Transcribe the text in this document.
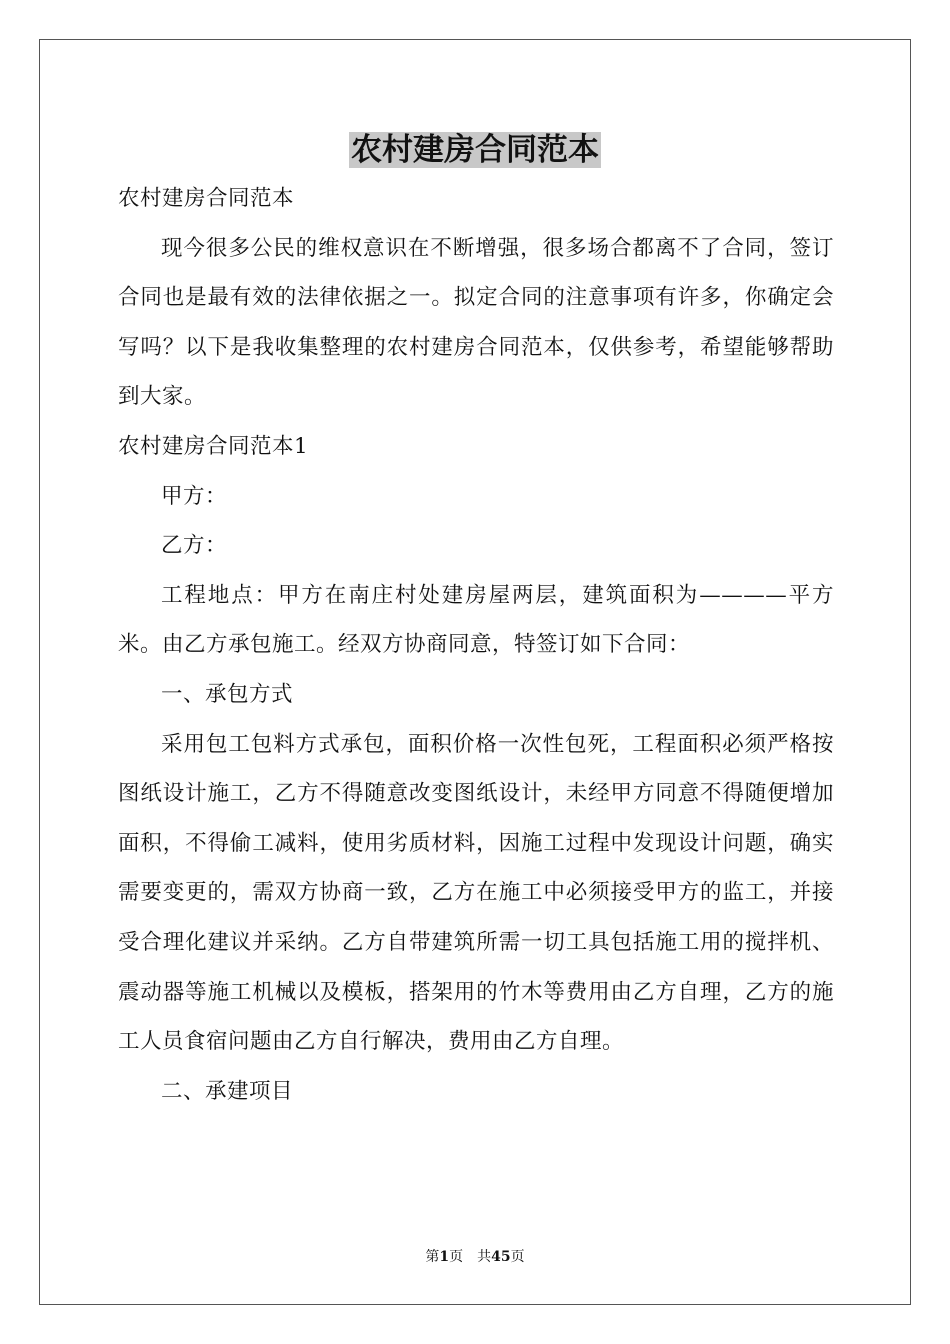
农村建房合同范本

农村建房合同范本

现今很多公民的维权意识在不断增强，很多场合都离不了合同，签订合同也是最有效的法律依据之一。拟定合同的注意事项有许多，你确定会写吗？以下是我收集整理的农村建房合同范本，仅供参考，希望能够帮助到大家。

农村建房合同范本1

甲方：

乙方：

工程地点：甲方在南庄村处建房屋两层，建筑面积为————平方米。由乙方承包施工。经双方协商同意，特签订如下合同：

一、承包方式

采用包工包料方式承包，面积价格一次性包死，工程面积必须严格按图纸设计施工，乙方不得随意改变图纸设计，未经甲方同意不得随便增加面积，不得偷工减料，使用劣质材料，因施工过程中发现设计问题，确实需要变更的，需双方协商一致，乙方在施工中必须接受甲方的监工，并接受合理化建议并采纳。乙方自带建筑所需一切工具包括施工用的搅拌机、震动器等施工机械以及模板，搭架用的竹木等费用由乙方自理，乙方的施工人员食宿问题由乙方自行解决，费用由乙方自理。

二、承建项目

第1页 共45页
